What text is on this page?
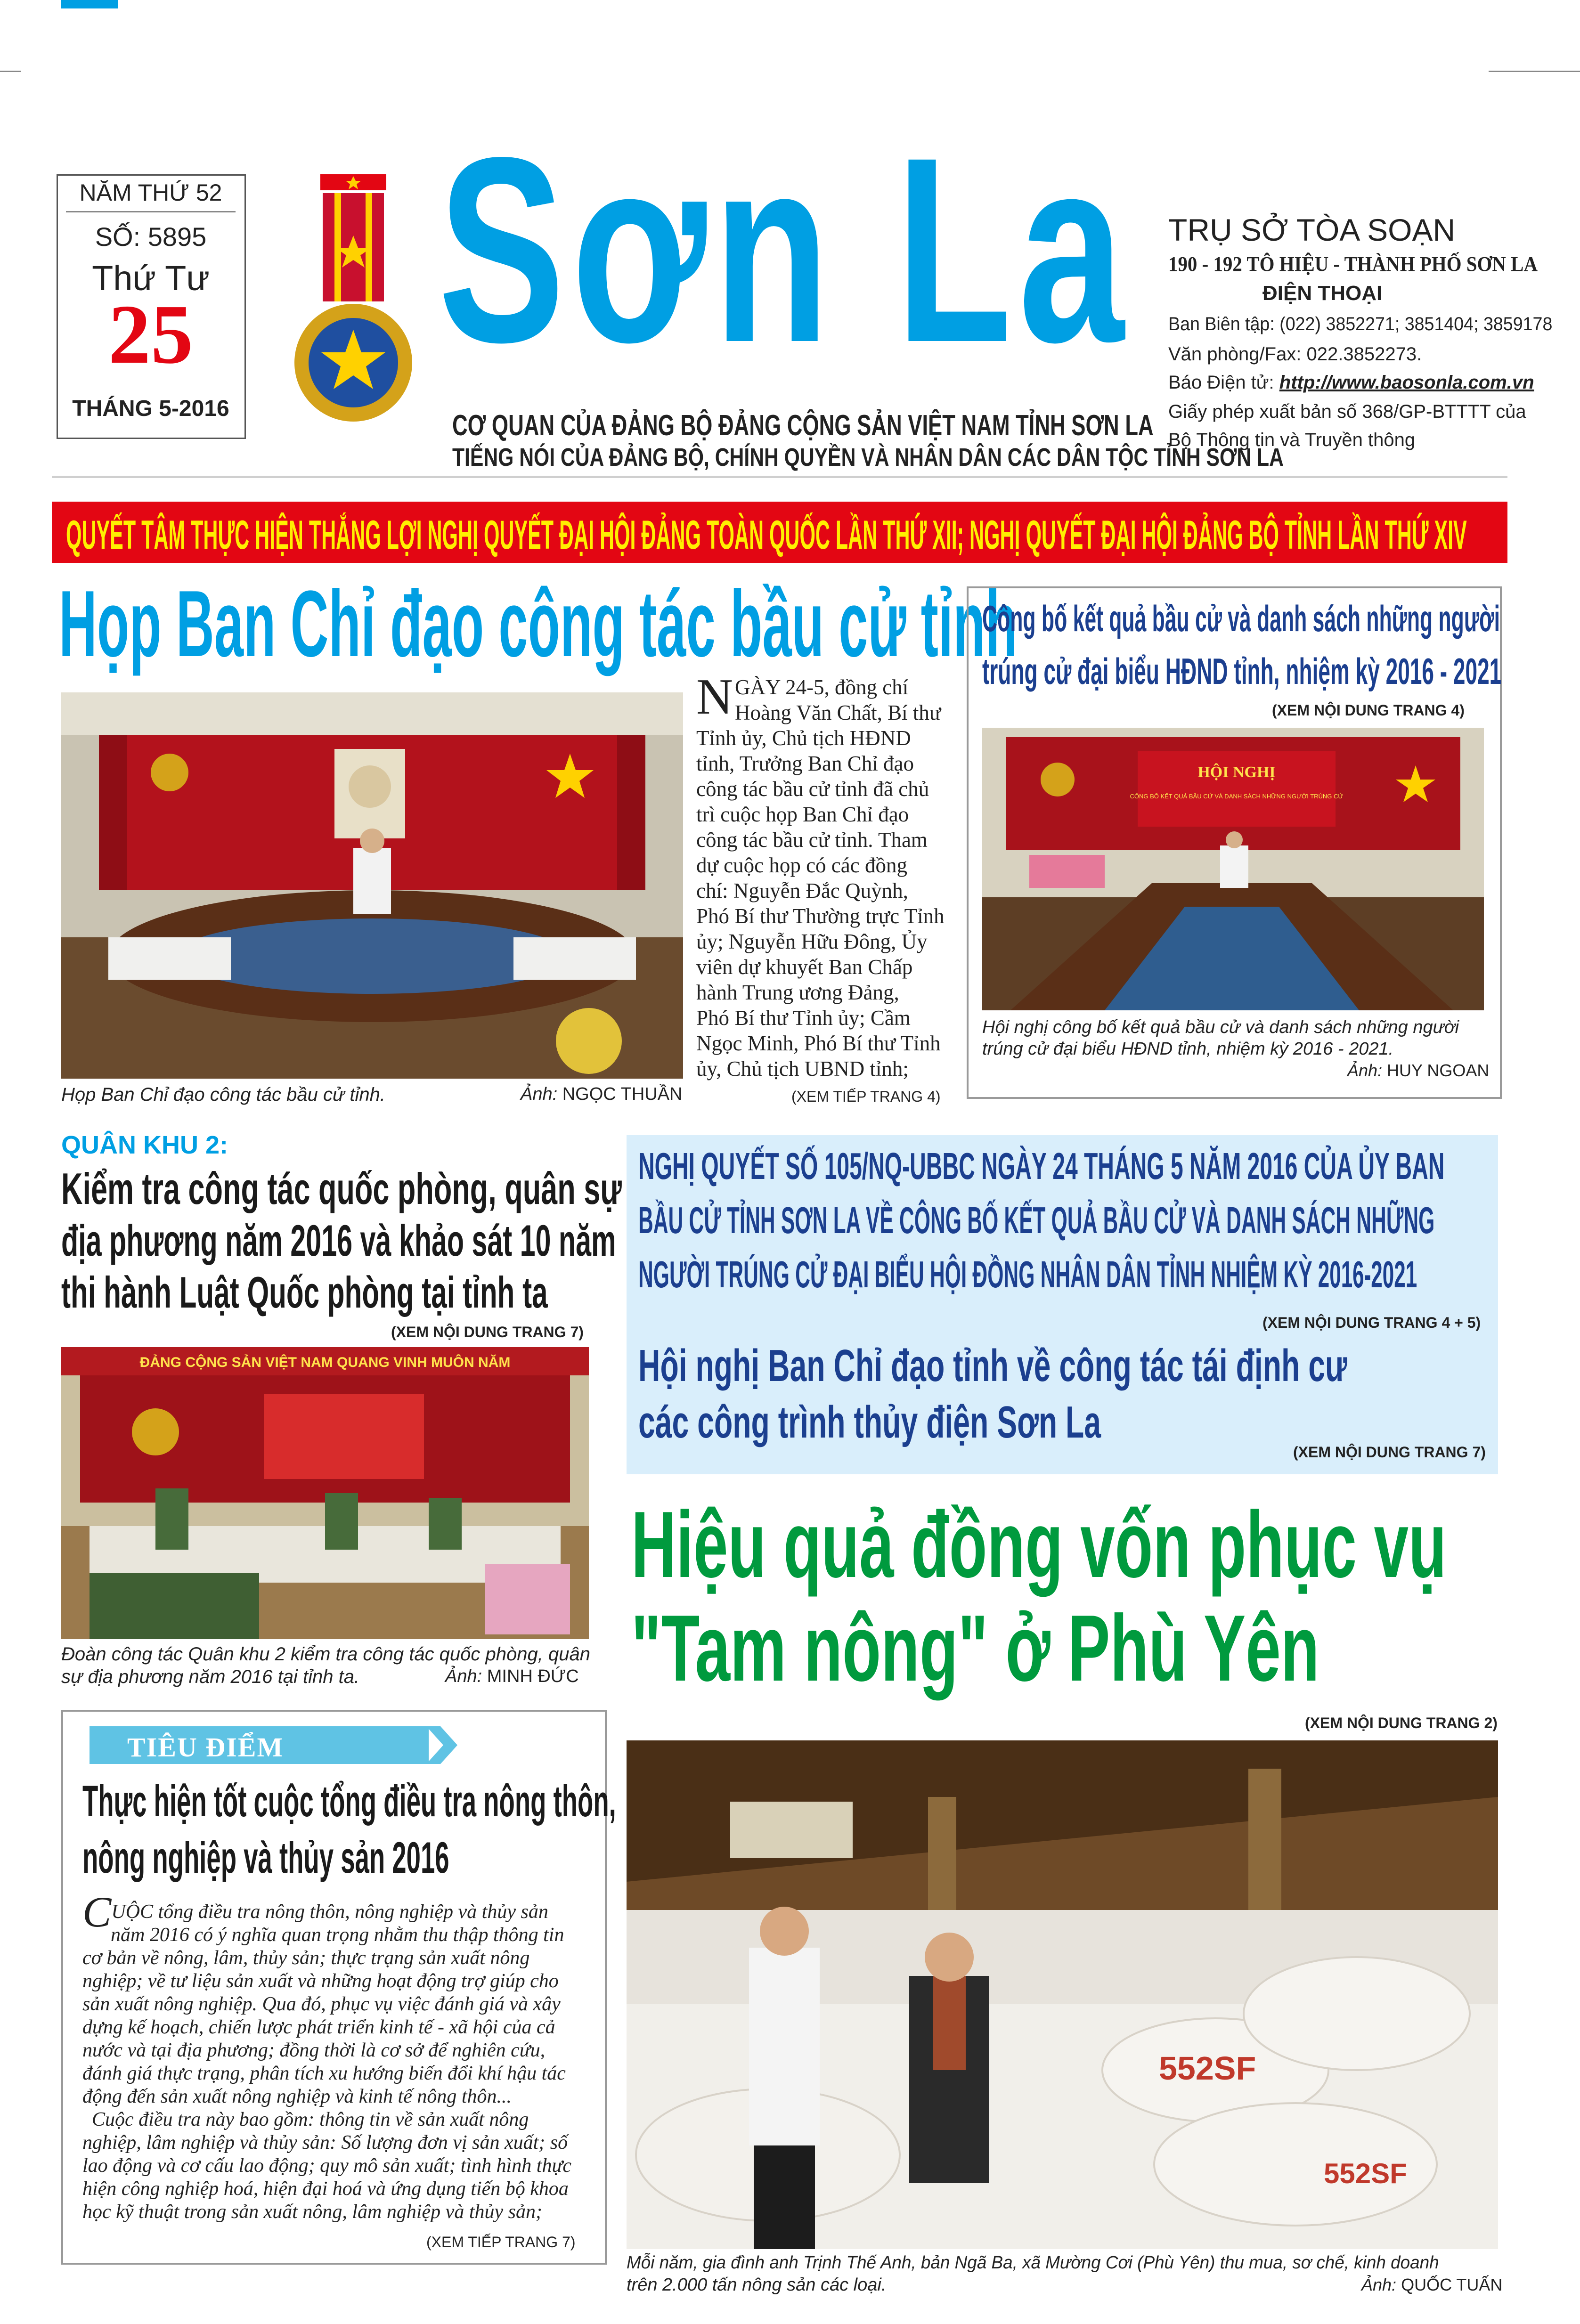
NĂM THỨ 52
SỐ: 5895
Thứ Tư
25
THÁNG 5-2016
Sơn La
CƠ QUAN CỦA ĐẢNG BỘ ĐẢNG CỘNG SẢN VIỆT NAM TỈNH SƠN LA
TIẾNG NÓI CỦA ĐẢNG BỘ, CHÍNH QUYỀN VÀ NHÂN DÂN CÁC DÂN TỘC TỈNH SƠN LA
TRỤ SỞ TÒA SOẠN
190 - 192 TÔ HIỆU - THÀNH PHỐ SƠN LA
ĐIỆN THOẠI
Ban Biên tập: (022) 3852271; 3851404; 3859178
Văn phòng/Fax: 022.3852273.
Báo Điện tử: http://www.baosonla.com.vn
Giấy phép xuất bản số 368/GP-BTTTT của
Bộ Thông tin và Truyền thông
QUYẾT TÂM THỰC HIỆN THẮNG LỢI NGHỊ QUYẾT ĐẠI HỘI ĐẢNG TOÀN QUỐC LẦN THỨ XII; NGHỊ QUYẾT ĐẠI HỘI ĐẢNG BỘ TỈNH LẦN THỨ XIV
Họp Ban Chỉ đạo công tác bầu cử tỉnh
Họp Ban Chỉ đạo công tác bầu cử tỉnh.	Ảnh: NGỌC THUẦN
N GÀY 24-5, đồng chí
Hoàng Văn Chất, Bí thư
Tỉnh ủy, Chủ tịch HĐND
tỉnh, Trưởng Ban Chỉ đạo
công tác bầu cử tỉnh đã chủ
trì cuộc họp Ban Chỉ đạo
công tác bầu cử tỉnh. Tham
dự cuộc họp có các đồng
chí: Nguyễn Đắc Quỳnh,
Phó Bí thư Thường trực Tỉnh
ủy; Nguyễn Hữu Đông, Ủy
viên dự khuyết Ban Chấp
hành Trung ương Đảng,
Phó Bí thư Tỉnh ủy; Cầm
Ngọc Minh, Phó Bí thư Tỉnh
ủy, Chủ tịch UBND tỉnh;
(XEM TIẾP TRANG 4)
Công bố kết quả bầu cử và danh sách những người
trúng cử đại biểu HĐND tỉnh, nhiệm kỳ 2016 - 2021
(XEM NỘI DUNG TRANG 4)
HỘI NGHỊ
CÔNG BỐ KẾT QUẢ BẦU CỬ VÀ DANH SÁCH NHỮNG NGƯỜI TRÚNG CỬ
Hội nghị công bố kết quả bầu cử và danh sách những người
trúng cử đại biểu HĐND tỉnh, nhiệm kỳ 2016 - 2021.
Ảnh: HUY NGOAN
QUÂN KHU 2:
Kiểm tra công tác quốc phòng, quân sự
địa phương năm 2016 và khảo sát 10 năm
thi hành Luật Quốc phòng tại tỉnh ta
(XEM NỘI DUNG TRANG 7)
ĐẢNG CỘNG SẢN VIỆT NAM QUANG VINH MUÔN NĂM
Đoàn công tác Quân khu 2 kiểm tra công tác quốc phòng, quân
sự địa phương năm 2016 tại tỉnh ta.	Ảnh: MINH ĐỨC
NGHỊ QUYẾT SỐ 105/NQ-UBBC NGÀY 24 THÁNG 5 NĂM 2016 CỦA ỦY BAN
BẦU CỬ TỈNH SƠN LA VỀ CÔNG BỐ KẾT QUẢ BẦU CỬ VÀ DANH SÁCH NHỮNG
NGƯỜI TRÚNG CỬ ĐẠI BIỂU HỘI ĐỒNG NHÂN DÂN TỈNH NHIỆM KỲ 2016-2021
(XEM NỘI DUNG TRANG 4 + 5)
Hội nghị Ban Chỉ đạo tỉnh về công tác tái định cư
các công trình thủy điện Sơn La
(XEM NỘI DUNG TRANG 7)
Hiệu quả đồng vốn phục vụ
"Tam nông" ở Phù Yên
(XEM NỘI DUNG TRANG 2)
552SF
552SF
Mỗi năm, gia đình anh Trịnh Thế Anh, bản Ngã Ba, xã Mường Cơi (Phù Yên) thu mua, sơ chế, kinh doanh
trên 2.000 tấn nông sản các loại.	Ảnh: QUỐC TUẤN
TIÊU ĐIỂM
Thực hiện tốt cuộc tổng điều tra nông thôn,
nông nghiệp và thủy sản 2016
CUỘC tổng điều tra nông thôn, nông nghiệp và thủy sản
năm 2016 có ý nghĩa quan trọng nhằm thu thập thông tin
cơ bản về nông, lâm, thủy sản; thực trạng sản xuất nông
nghiệp; về tư liệu sản xuất và những hoạt động trợ giúp cho
sản xuất nông nghiệp. Qua đó, phục vụ việc đánh giá và xây
dựng kế hoạch, chiến lược phát triển kinh tế - xã hội của cả
nước và tại địa phương; đồng thời là cơ sở để nghiên cứu,
đánh giá thực trạng, phân tích xu hướng biến đổi khí hậu tác
động đến sản xuất nông nghiệp và kinh tế nông thôn...
Cuộc điều tra này bao gồm: thông tin về sản xuất nông
nghiệp, lâm nghiệp và thủy sản: Số lượng đơn vị sản xuất; số
lao động và cơ cấu lao động; quy mô sản xuất; tình hình thực
hiện công nghiệp hoá, hiện đại hoá và ứng dụng tiến bộ khoa
học kỹ thuật trong sản xuất nông, lâm nghiệp và thủy sản;
(XEM TIẾP TRANG 7)
